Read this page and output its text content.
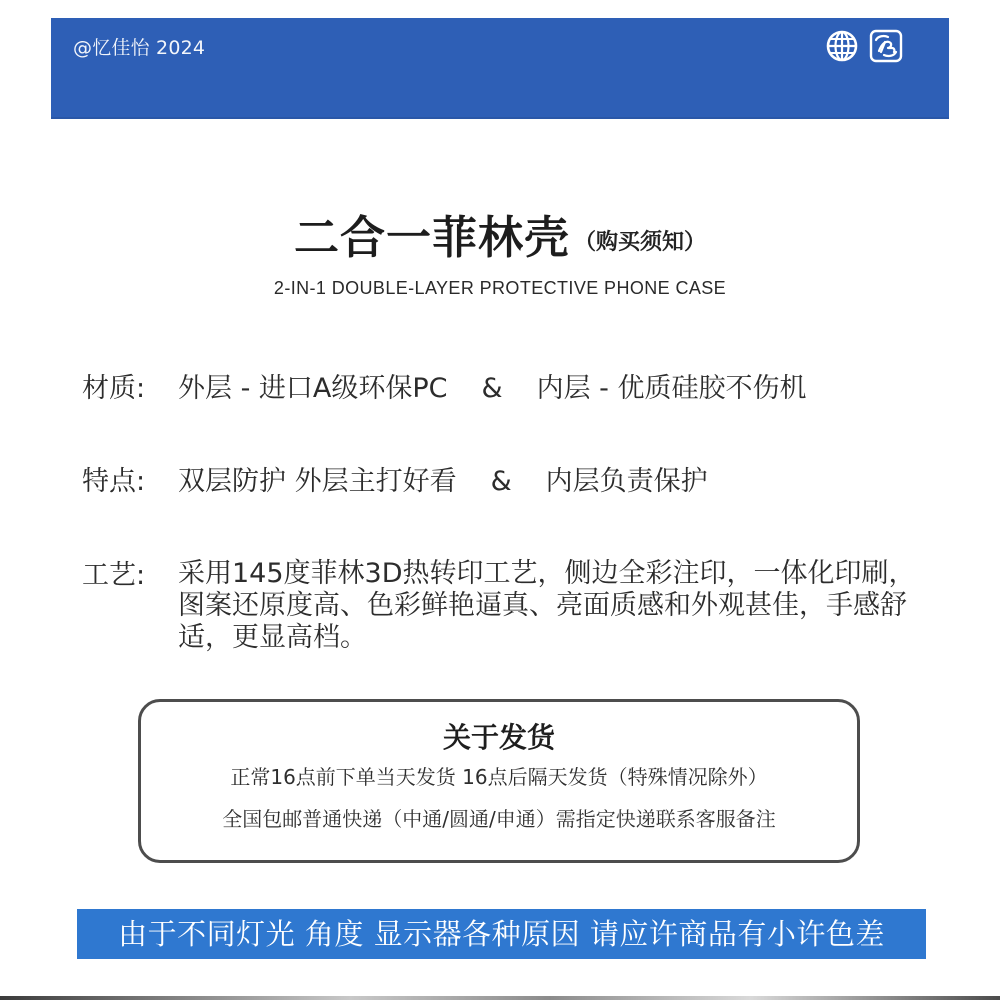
@忆佳怡 2024
二合一菲林壳 （购买须知）
2-IN-1 DOUBLE-LAYER PROTECTIVE PHONE CASE
材质:	外层 - 进口A级环保PC & 内层 - 优质硅胶不伤机
特点:	双层防护 外层主打好看 & 内层负责保护
工艺:	采用145度菲林3D热转印工艺，侧边全彩注印，一体化印刷，图案还原度高、色彩鲜艳逼真、亮面质感和外观甚佳，手感舒适，更显高档。
关于发货
正常16点前下单当天发货 16点后隔天发货（特殊情况除外）
全国包邮普通快递（中通/圆通/申通）需指定快递联系客服备注
由于不同灯光 角度 显示器各种原因 请应许商品有小许色差
